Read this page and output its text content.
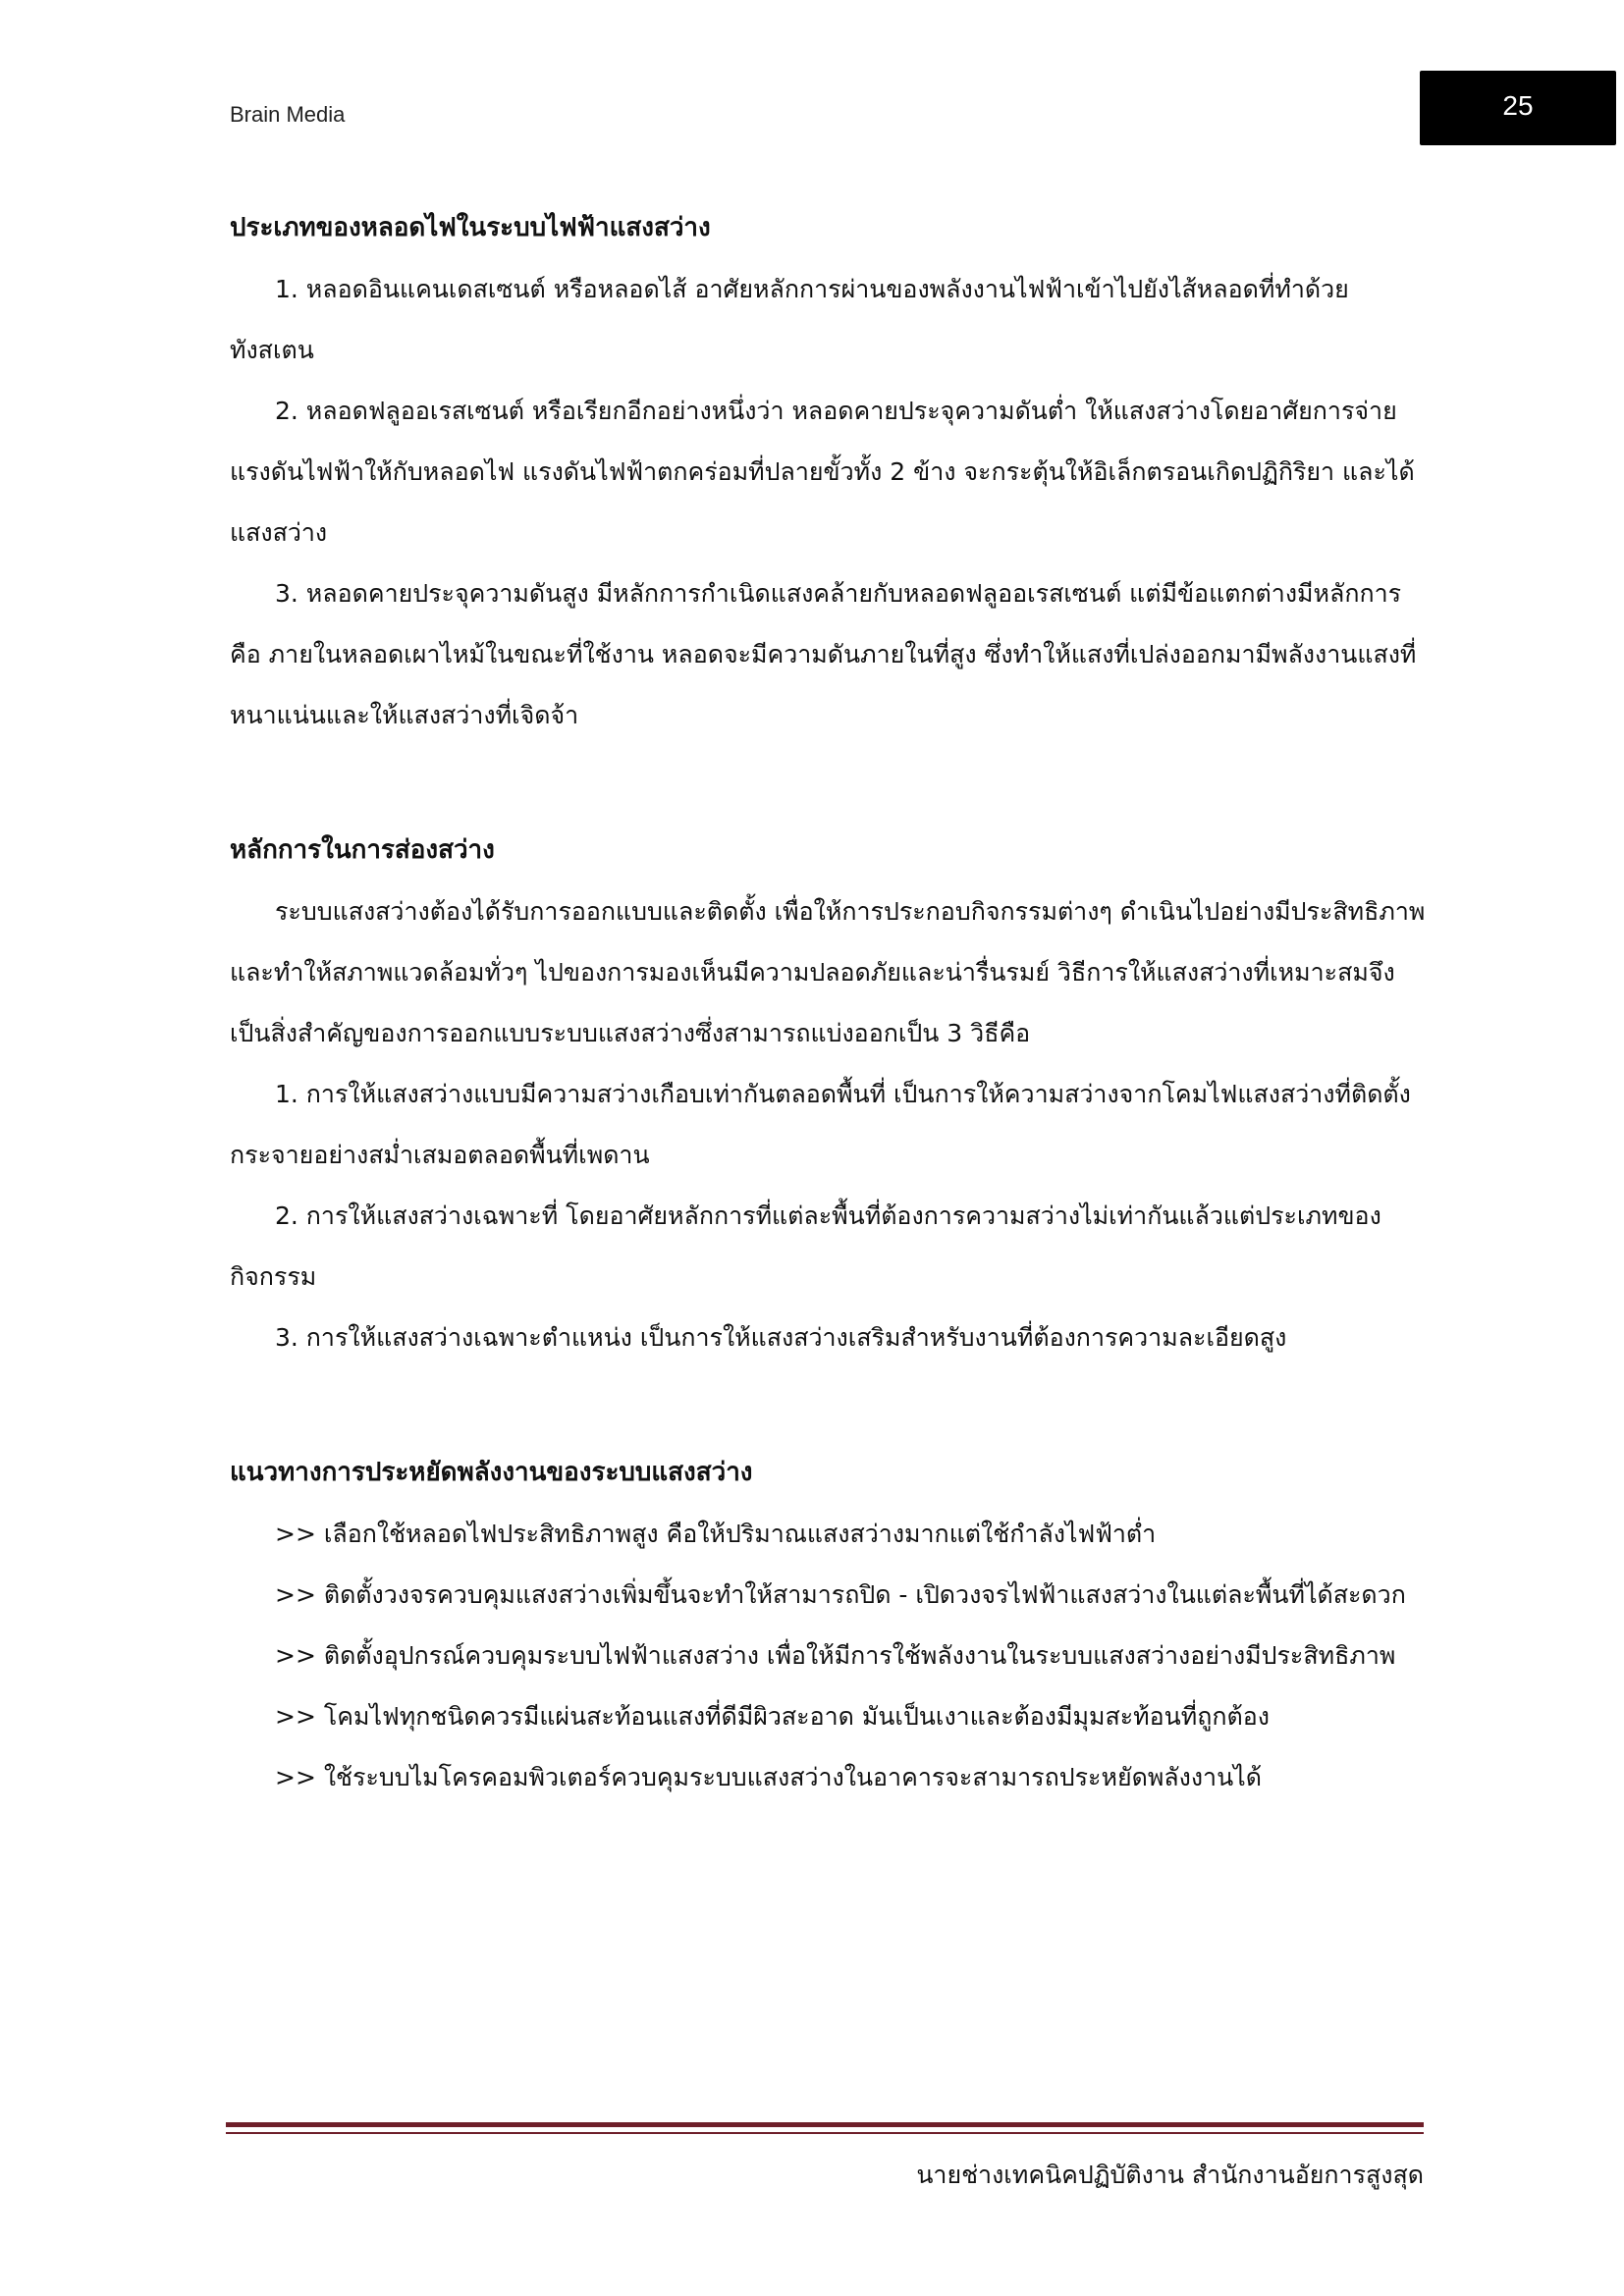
Brain Media	25

ประเภทของหลอดไฟในระบบไฟฟ้าแสงสว่าง

1. หลอดอินแคนเดสเซนต์ หรือหลอดไส้ อาศัยหลักการผ่านของพลังงานไฟฟ้าเข้าไปยังไส้หลอดที่ทำด้วยทังสเตน

2. หลอดฟลูออเรสเซนต์ หรือเรียกอีกอย่างหนึ่งว่า หลอดคายประจุความดันต่ำ ให้แสงสว่างโดยอาศัยการจ่ายแรงดันไฟฟ้าให้กับหลอดไฟ แรงดันไฟฟ้าตกคร่อมที่ปลายขั้วทั้ง 2 ข้าง จะกระตุ้นให้อิเล็กตรอนเกิดปฏิกิริยา และได้แสงสว่าง

3. หลอดคายประจุความดันสูง มีหลักการกำเนิดแสงคล้ายกับหลอดฟลูออเรสเซนต์ แต่มีข้อแตกต่างมีหลักการคือ ภายในหลอดเผาไหม้ในขณะที่ใช้งาน หลอดจะมีความดันภายในที่สูง ซึ่งทำให้แสงที่เปล่งออกมามีพลังงานแสงที่หนาแน่นและให้แสงสว่างที่เจิดจ้า

หลักการในการส่องสว่าง

ระบบแสงสว่างต้องได้รับการออกแบบและติดตั้ง เพื่อให้การประกอบกิจกรรมต่างๆ ดำเนินไปอย่างมีประสิทธิภาพ และทำให้สภาพแวดล้อมทั่วๆ ไปของการมองเห็นมีความปลอดภัยและน่ารื่นรมย์ วิธีการให้แสงสว่างที่เหมาะสมจึงเป็นสิ่งสำคัญของการออกแบบระบบแสงสว่างซึ่งสามารถแบ่งออกเป็น 3 วิธีคือ

1. การให้แสงสว่างแบบมีความสว่างเกือบเท่ากันตลอดพื้นที่ เป็นการให้ความสว่างจากโคมไฟแสงสว่างที่ติดตั้งกระจายอย่างสม่ำเสมอตลอดพื้นที่เพดาน

2. การให้แสงสว่างเฉพาะที่ โดยอาศัยหลักการที่แต่ละพื้นที่ต้องการความสว่างไม่เท่ากันแล้วแต่ประเภทของกิจกรรม

3. การให้แสงสว่างเฉพาะตำแหน่ง เป็นการให้แสงสว่างเสริมสำหรับงานที่ต้องการความละเอียดสูง

แนวทางการประหยัดพลังงานของระบบแสงสว่าง

>> เลือกใช้หลอดไฟประสิทธิภาพสูง คือให้ปริมาณแสงสว่างมากแต่ใช้กำลังไฟฟ้าต่ำ

>> ติดตั้งวงจรควบคุมแสงสว่างเพิ่มขึ้นจะทำให้สามารถปิด - เปิดวงจรไฟฟ้าแสงสว่างในแต่ละพื้นที่ได้สะดวก

>> ติดตั้งอุปกรณ์ควบคุมระบบไฟฟ้าแสงสว่าง เพื่อให้มีการใช้พลังงานในระบบแสงสว่างอย่างมีประสิทธิภาพ

>> โคมไฟทุกชนิดควรมีแผ่นสะท้อนแสงที่ดีมีผิวสะอาด มันเป็นเงาและต้องมีมุมสะท้อนที่ถูกต้อง

>> ใช้ระบบไมโครคอมพิวเตอร์ควบคุมระบบแสงสว่างในอาคารจะสามารถประหยัดพลังงานได้

นายช่างเทคนิคปฏิบัติงาน สำนักงานอัยการสูงสุด
